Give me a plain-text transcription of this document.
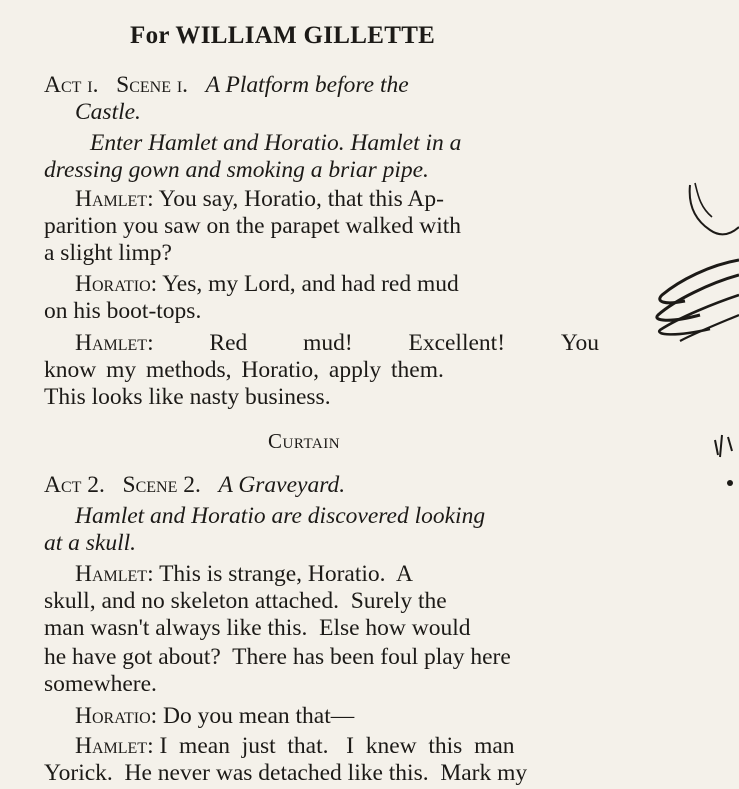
For WILLIAM GILLETTE
Act i. Scene i. A Platform before the
Castle.
Enter Hamlet and Horatio. Hamlet in a
dressing gown and smoking a briar pipe.
Hamlet: You say, Horatio, that this Ap-
parition you saw on the parapet walked with
a slight limp?
Horatio: Yes, my Lord, and had red mud
on his boot-tops.
Hamlet: Red mud! Excellent! You
know my methods, Horatio, apply them.
This looks like nasty business.
Curtain
Act 2. Scene 2. A Graveyard.
Hamlet and Horatio are discovered looking
at a skull.
Hamlet: This is strange, Horatio.  A
skull, and no skeleton attached.  Surely the
man wasn't always like this.  Else how would
he have got about?  There has been foul play here
somewhere.
Horatio: Do you mean that—
Hamlet: I  mean  just  that.   I  knew  this  man
Yorick.  He never was detached like this.  Mark my
